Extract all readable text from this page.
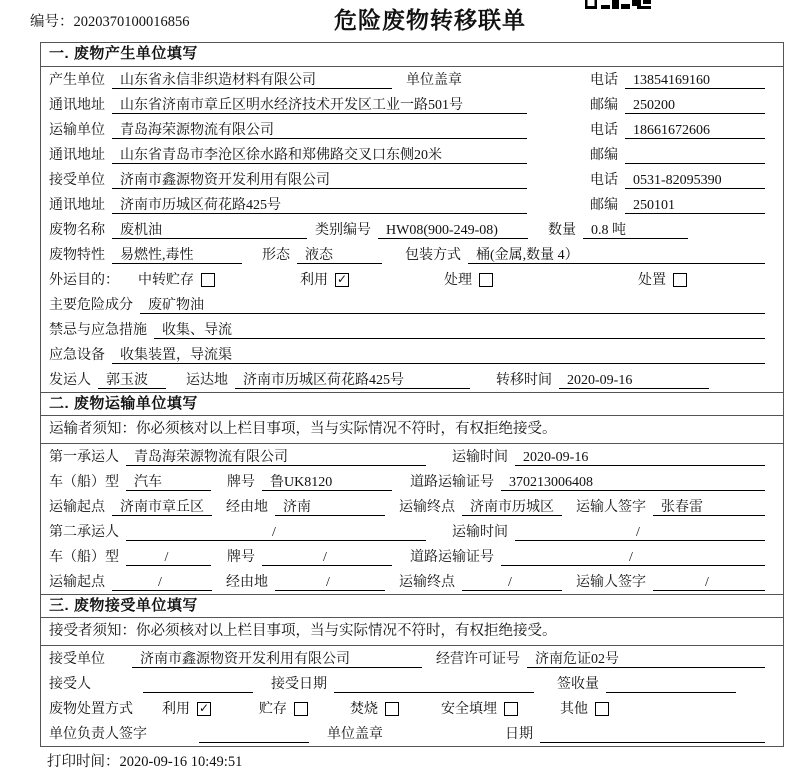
编号：2020370100016856	危险废物转移联单
一. 废物产生单位填写
产生单位	山东省永信非织造材料有限公司	单位盖章	电话	13854169160
通讯地址	山东省济南市章丘区明水经济技术开发区工业一路501号	邮编	250200
运输单位	青岛海荣源物流有限公司	电话	18661672606
通讯地址	山东省青岛市李沧区徐水路和郑佛路交叉口东侧20米	邮编
接受单位	济南市鑫源物资开发利用有限公司	电话	0531-82095390
通讯地址	济南市历城区荷花路425号	邮编	250101
废物名称	废机油	类别编号	HW08(900-249-08)	数量	0.8 吨
废物特性	易燃性,毒性	形态	液态	包装方式	桶(金属,数量 4）
外运目的： 中转贮存	利用 ✓	处理	处置
主要危险成分	废矿物油
禁忌与应急措施	收集、导流
应急设备	收集装置，导流渠
发运人	郭玉波	运达地	济南市历城区荷花路425号	转移时间	2020-09-16
二. 废物运输单位填写
运输者须知：你必须核对以上栏目事项，当与实际情况不符时，有权拒绝接受。
第一承运人	青岛海荣源物流有限公司	运输时间	2020-09-16
车（船）型	汽车	牌号	鲁UK8120	道路运输证号	370213006408
运输起点	济南市章丘区	经由地	济南	运输终点	济南市历城区	运输人签字	张春雷
第二承运人	/	运输时间	/
车（船）型	/	牌号	/	道路运输证号	/
运输起点	/	经由地	/	运输终点	/	运输人签字	/
三. 废物接受单位填写
接受者须知：你必须核对以上栏目事项，当与实际情况不符时，有权拒绝接受。
接受单位	济南市鑫源物资开发利用有限公司	经营许可证号	济南危证02号
接受人	接受日期	签收量
废物处置方式 利用 ✓	贮存	焚烧	安全填埋	其他
单位负责人签字	单位盖章	日期
打印时间：2020-09-16 10:49:51
